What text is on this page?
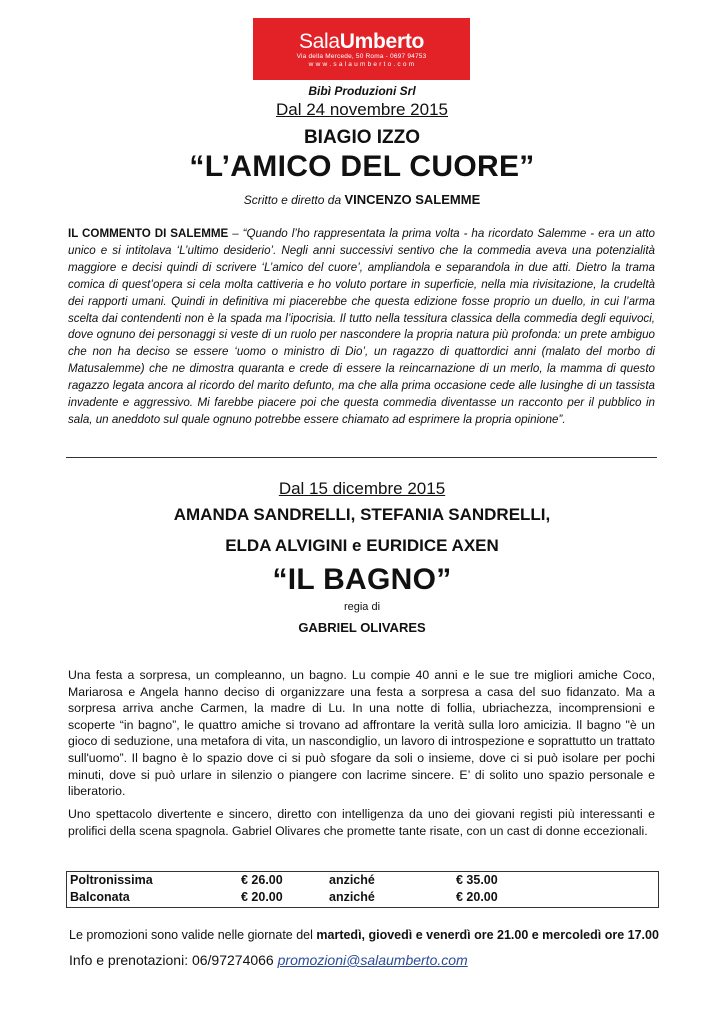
SalaUmberto
Via della Mercede, 50 Roma - 0697 94753
w w w . s a l a u m b e r t o . c o m
Bibì Produzioni Srl
Dal 24 novembre 2015
BIAGIO IZZO
“L’AMICO DEL CUORE”
Scritto e diretto da VINCENZO SALEMME

IL COMMENTO DI SALEMME – “Quando l’ho rappresentata la prima volta - ha ricordato Salemme - era un atto unico e si intitolava ‘L’ultimo desiderio’. Negli anni successivi sentivo che la commedia aveva una potenzialità maggiore e decisi quindi di scrivere ‘L’amico del cuore’, ampliandola e separandola in due atti. Dietro la trama comica di quest’opera si cela molta cattiveria e ho voluto portare in superficie, nella mia rivisitazione, la crudeltà dei rapporti umani. Quindi in definitiva mi piacerebbe che questa edizione fosse proprio un duello, in cui l’arma scelta dai contendenti non è la spada ma l’ipocrisia. Il tutto nella tessitura classica della commedia degli equivoci, dove ognuno dei personaggi si veste di un ruolo per nascondere la propria natura più profonda: un prete ambiguo che non ha deciso se essere ‘uomo o ministro di Dio’, un ragazzo di quattordici anni (malato del morbo di Matusalemme) che ne dimostra quaranta e crede di essere la reincarnazione di un merlo, la mamma di questo ragazzo legata ancora al ricordo del marito defunto, ma che alla prima occasione cede alle lusinghe di un tassista invadente e aggressivo. Mi farebbe piacere poi che questa commedia diventasse un racconto per il pubblico in sala, un aneddoto sul quale ognuno potrebbe essere chiamato ad esprimere la propria opinione”.

Dal 15 dicembre 2015
AMANDA SANDRELLI, STEFANIA SANDRELLI,
ELDA ALVIGINI e EURIDICE AXEN
“IL BAGNO”
regia di
GABRIEL OLIVARES

Una festa a sorpresa, un compleanno, un bagno. Lu compie 40 anni e le sue tre migliori amiche Coco, Mariarosa e Angela hanno deciso di organizzare una festa a sorpresa a casa del suo fidanzato. Ma a sorpresa arriva anche Carmen, la madre di Lu. In una notte di follia, ubriachezza, incomprensioni e scoperte “in bagno”, le quattro amiche si trovano ad affrontare la verità sulla loro amicizia. Il bagno "è un gioco di seduzione, una metafora di vita, un nascondiglio, un lavoro di introspezione e soprattutto un trattato sull'uomo”. Il bagno è lo spazio dove ci si può sfogare da soli o insieme, dove ci si può isolare per pochi minuti, dove si può urlare in silenzio o piangere con lacrime sincere. E’ di solito uno spazio personale e liberatorio.

Uno spettacolo divertente e sincero, diretto con intelligenza da uno dei giovani registi più interessanti e prolifici della scena spagnola. Gabriel Olivares che promette tante risate, con un cast di donne eccezionali.

Poltronissima	€ 26.00	anziché	€ 35.00
Balconata	€ 20.00	anziché	€ 20.00
Le promozioni sono valide nelle giornate del martedì, giovedì e venerdì ore 21.00 e mercoledì ore 17.00
Info e prenotazioni: 06/97274066 promozioni@salaumberto.com
